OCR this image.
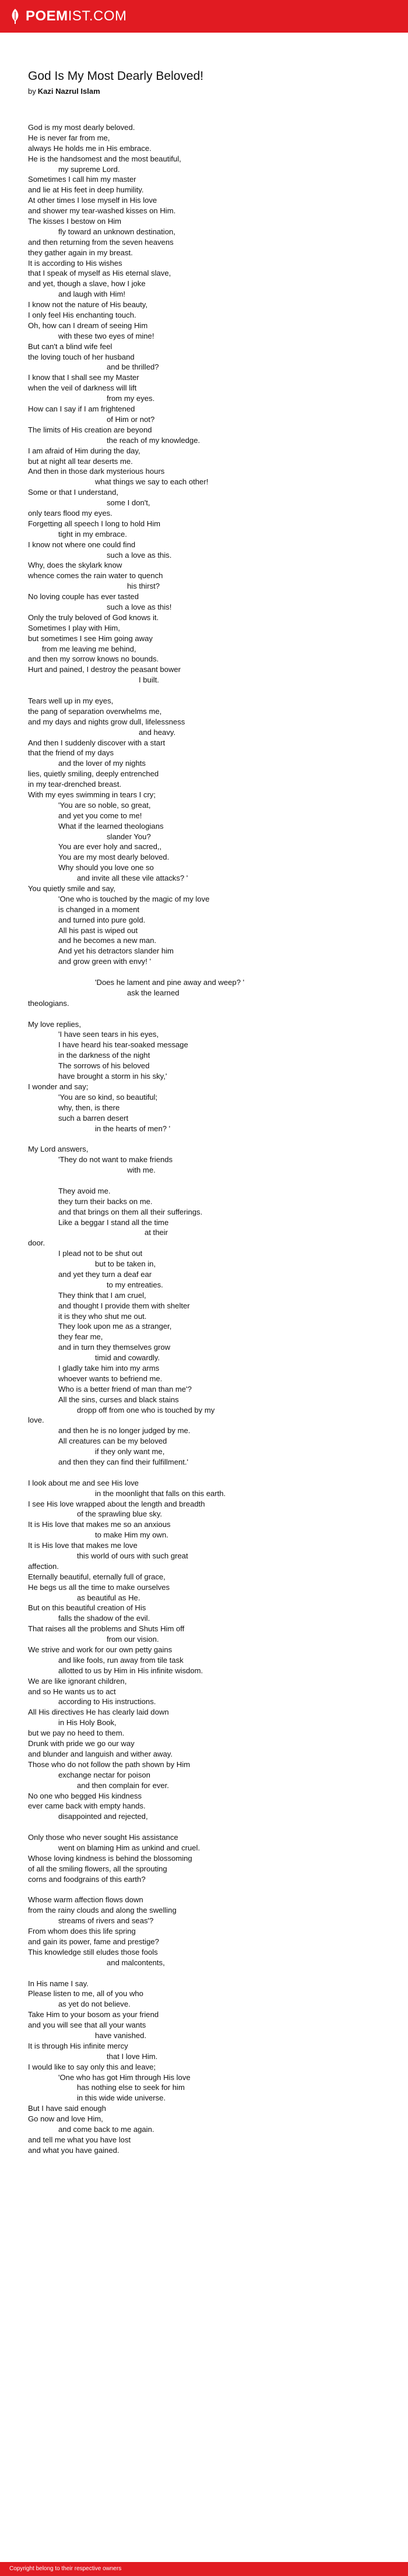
POEMIST.COM
God Is My Most Dearly Beloved!
by Kazi Nazrul Islam
God is my most dearly beloved.
He is never far from me,
always He holds me in His embrace.
He is the handsomest and the most beautiful,
my supreme Lord.
Sometimes I call him my master
and lie at His feet in deep humility.
At other times I lose myself in His love
and shower my tear-washed kisses on Him.
The kisses I bestow on Him
fly toward an unknown destination,
and then returning from the seven heavens
they gather again in my breast.
It is according to His wishes
that I speak of myself as His eternal slave,
and yet, though a slave, how I joke
and laugh with Him!
I know not the nature of His beauty,
I only feel His enchanting touch.
Oh, how can I dream of seeing Him
with these two eyes of mine!
But can't a blind wife feel
the loving touch of her husband
and be thrilled?
I know that I shall see my Master
when the veil of darkness will lift
from my eyes.
How can I say if I am frightened
of Him or not?
The limits of His creation are beyond
the reach of my knowledge.
I am afraid of Him during the day,
but at night all tear deserts me.
And then in those dark mysterious hours
what things we say to each other!
Some or that I understand,
some I don't,
only tears flood my eyes.
Forgetting all speech I long to hold Him
tight in my embrace.
I know not where one could find
such a love as this.
Why, does the skylark know
whence comes the rain water to quench
his thirst?
No loving couple has ever tasted
such a love as this!
Only the truly beloved of God knows it.
Sometimes I play with Him,
but sometimes I see Him going away
from me leaving me behind,
and then my sorrow knows no bounds.
Hurt and pained, I destroy the peasant bower
I built.
Tears well up in my eyes,
the pang of separation overwhelms me,
and my days and nights grow dull, lifelessness
and heavy.
And then I suddenly discover with a start
that the friend of my days
and the lover of my nights
lies, quietly smiling, deeply entrenched
in my tear-drenched breast.
With my eyes swimming in tears I cry;
'You are so noble, so great,
and yet you come to me!
What if the learned theologians
slander You?
You are ever holy and sacred,,
You are my most dearly beloved.
Why should you love one so
and invite all these vile attacks? '
You quietly smile and say,
'One who is touched by the magic of my love
is changed in a moment
and turned into pure gold.
All his past is wiped out
and he becomes a new man.
And yet his detractors slander him
and grow green with envy! '
'Does he lament and pine away and weep? '
ask the learned
theologians.
My love replies,
'I have seen tears in his eyes,
I have heard his tear-soaked message
in the darkness of the night
The sorrows of his beloved
have brought a storm in his sky,'
I wonder and say;
'You are so kind, so beautiful;
why, then, is there
such a barren desert
in the hearts of men? '
My Lord answers,
'They do not want to make friends
with me.
They avoid me.
they turn their backs on me.
and that brings on them all their sufferings.
Like a beggar I stand all the time
at their
door.
I plead not to be shut out
but to be taken in,
and yet they turn a deaf ear
to my entreaties.
They think that I am cruel,
and thought I provide them with shelter
it is they who shut me out.
They look upon me as a stranger,
they fear me,
and in turn they themselves grow
timid and cowardly.
I gladly take him into my arms
whoever wants to befriend me.
Who is a better friend of man than me'?
All the sins, curses and black stains
dropp off from one who is touched by my
love.
and then he is no longer judged by me.
All creatures can be my beloved
if they only want me,
and then they can find their fulfillment.'
I look about me and see His love
in the moonlight that falls on this earth.
I see His love wrapped about the length and breadth
of the sprawling blue sky.
It is His love that makes me so an anxious
to make Him my own.
It is His love that makes me love
this world of ours with such great
affection.
Eternally beautiful, eternally full of grace,
He begs us all the time to make ourselves
as beautiful as He.
But on this beautiful creation of His
falls the shadow of the evil.
That raises all the problems and Shuts Him off
from our vision.
We strive and work for our own petty gains
and like fools, run away from tile task
allotted to us by Him in His infinite wisdom.
We are like ignorant children,
and so He wants us to act
according to His instructions.
All His directives He has clearly laid down
in His Holy Book,
but we pay no heed to them.
Drunk with pride we go our way
and blunder and languish and wither away.
Those who do not follow the path shown by Him
exchange nectar for poison
and then complain for ever.
No one who begged His kindness
ever came back with empty hands.
disappointed and rejected,
Only those who never sought His assistance
went on blaming Him as unkind and cruel.
Whose loving kindness is behind the blossoming
of all the smiling flowers, all the sprouting
corns and foodgrains of this earth?
Whose warm affection flows down
from the rainy clouds and along the swelling
streams of rivers and seas'?
From whom does this life spring
and gain its power, fame and prestige?
This knowledge still eludes those fools
and malcontents,
In His name I say.
Please listen to me, all of you who
as yet do not believe.
Take Him to your bosom as your friend
and you will see that all your wants
have vanished.
It is through His infinite mercy
that I love Him.
I would like to say only this and leave;
'One who has got Him through His love
has nothing else to seek for him
in this wide wide universe.
But I have said enough
Go now and love Him,
and come back to me again.
and tell me what you have lost
and what you have gained.
Copyright belong to their respective owners
